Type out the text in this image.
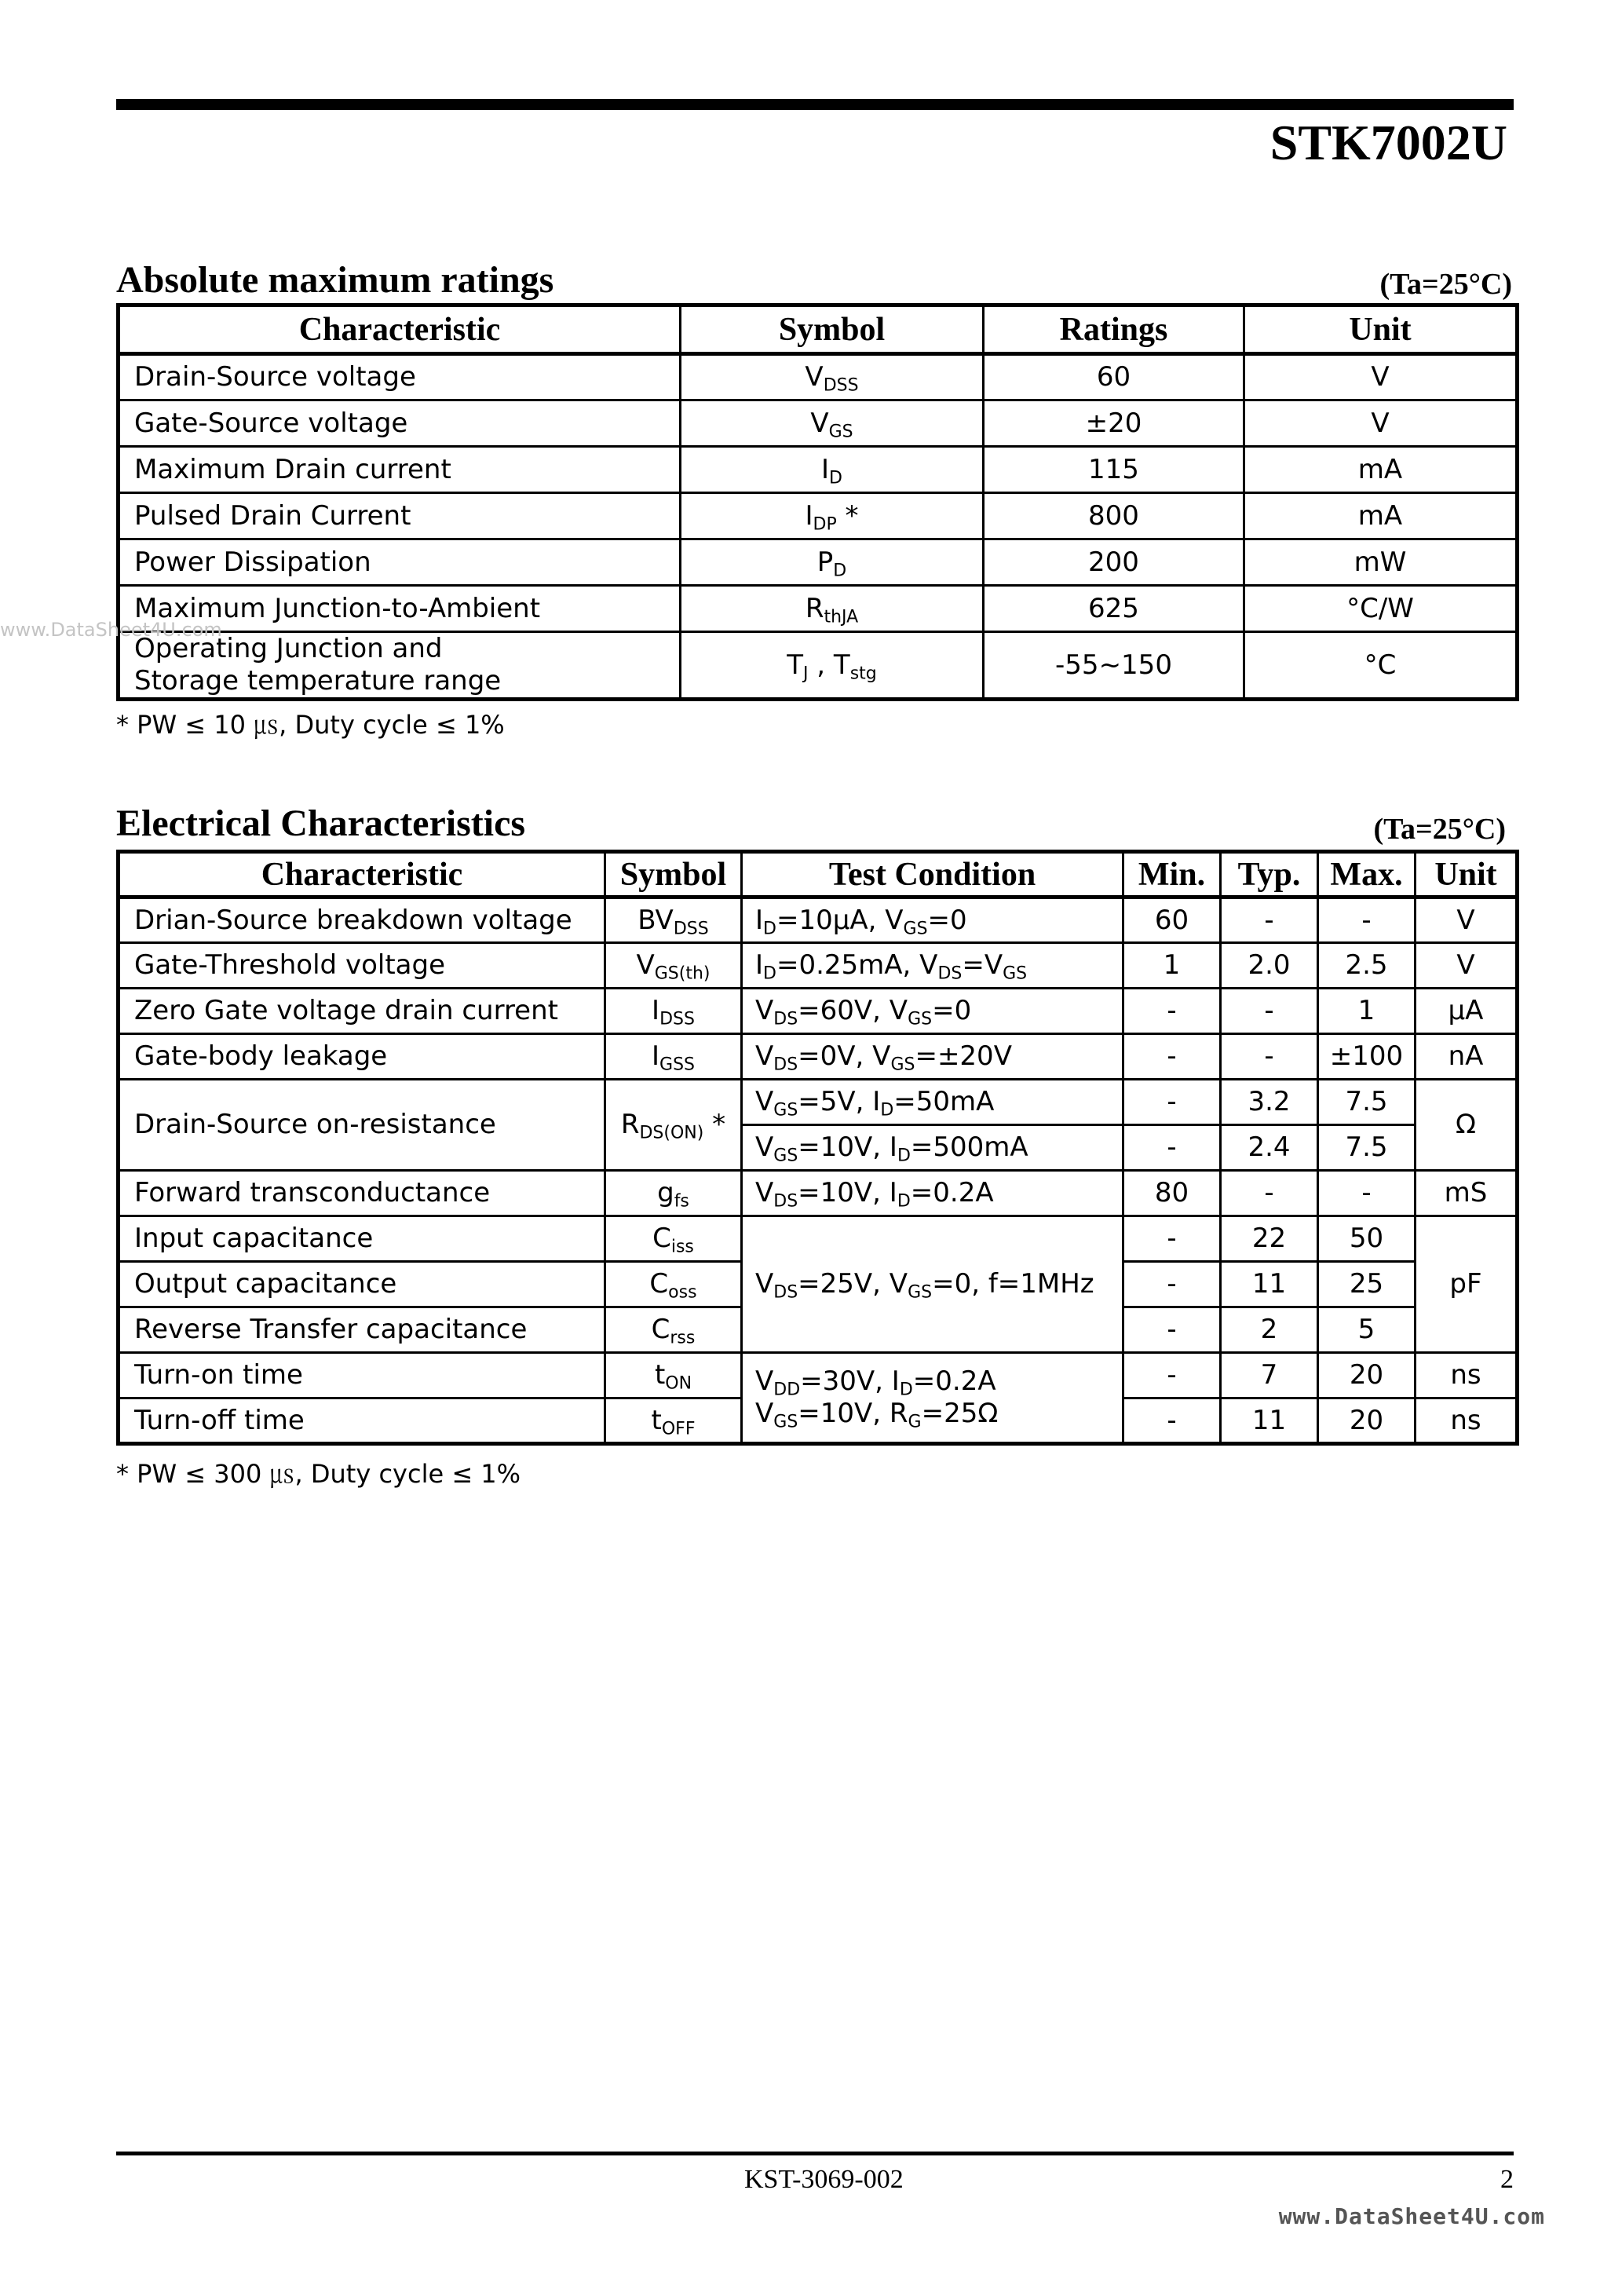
STK7002U
Absolute maximum ratings	(Ta=25°C)
Characteristic	Symbol	Ratings	Unit
Drain-Source voltage	$V_{DSS}$	60	V
Gate-Source voltage	$V_{GS}$	±20	V
Maximum Drain current	$I_D$	115	mA
Pulsed Drain Current	$I_{DP}$ *	800	mA
Power Dissipation	$P_D$	200	mW
Maximum Junction-to-Ambient	$R_{thJA}$	625	°C/W

Operating Junction and
Storage temperature range	$T_J$ , $T_{stg}$	-55~150	°C
* PW ≤ 10 ㎲, Duty cycle ≤ 1%
Electrical Characteristics	(Ta=25°C)
Characteristic	Symbol	Test Condition	Min.	Typ.	Max.	Unit
Drian-Source breakdown voltage	$BV_{DSS}$	$I_D=10\mu A$, $V_{GS}=0$	60	-	-	V
Gate-Threshold voltage	$V_{GS(th)}$	$I_D=0.25mA$, $V_{DS}=V_{GS}$	1	2.0	2.5	V
Zero Gate voltage drain current	$I_{DSS}$	$V_{DS}=60V$, $V_{GS}=0$	-	-	1	μA
Gate-body leakage	$I_{GSS}$	$V_{DS}=0V$, $V_{GS}=\pm 20V$	-	-	±100	nA
Drain-Source on-resistance	$R_{DS(ON)}$ *	$V_{GS}=5V$, $I_D=50mA$	-	3.2	7.5	Ω
		$V_{GS}=10V$, $I_D=500mA$	-	2.4	7.5	
Forward transconductance	$g_{fs}$	$V_{DS}=10V$, $I_D=0.2A$	80	-	-	mS
Input capacitance	$C_{iss}$	$V_{DS}=25V$, $V_{GS}=0$, f=1MHz	-	22	50	pF
Output capacitance	$C_{oss}$		-	11	25	
Reverse Transfer capacitance	$C_{rss}$		-	2	5	
Turn-on time	$t_{ON}$	$V_{DD}=30V$, $I_D=0.2A$
$V_{GS}=10V$, $R_G=25\Omega$	-	7	20	ns
Turn-off time	$t_{OFF}$		-	11	20	ns
* PW ≤ 300 ㎲, Duty cycle ≤ 1%
www.DataSheet4U.com
KST-3069-002	2
www.DataSheet4U.com
